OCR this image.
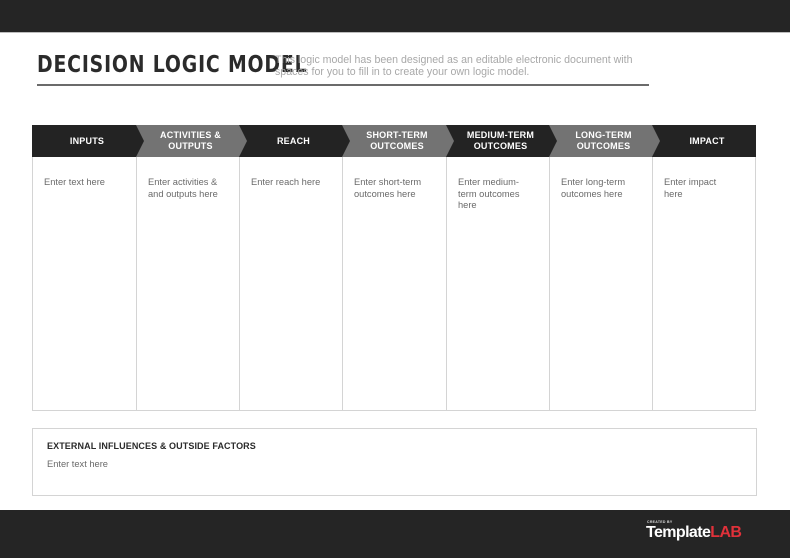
DECISION LOGIC MODEL
This logic model has been designed as an editable electronic document with spaces for you to fill in to create your own logic model.
INPUTS
ACTIVITIES & OUTPUTS
REACH
SHORT-TERM OUTCOMES
MEDIUM-TERM OUTCOMES
LONG-TERM OUTCOMES
IMPACT
Enter text here	Enter activities & and outputs here
Enter reach here	Enter short-term outcomes here
Enter medium-term outcomes here
Enter long-term outcomes here
Enter impact here
EXTERNAL INFLUENCES & OUTSIDE FACTORS
Enter text here
CREATED BY
TemplateLAB
